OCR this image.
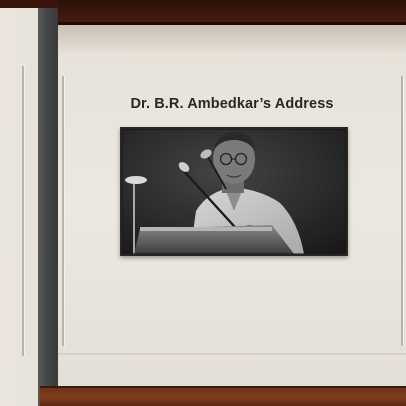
Dr. B.R. Ambedkar’s Address
